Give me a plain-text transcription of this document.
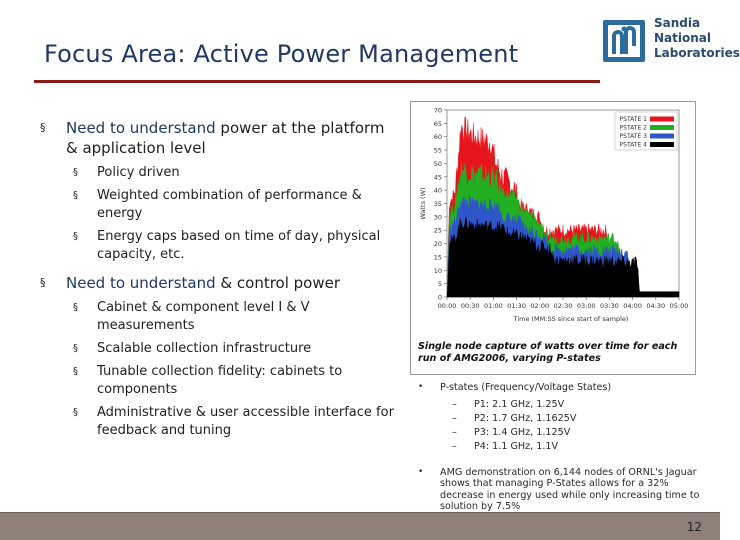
Focus Area: Active Power Management
Sandia
National
Laboratories
§ Need to understand power at the platform & application level
§ Policy driven
§ Weighted combination of performance & energy
§ Energy caps based on time of day, physical capacity, etc.
§ Need to understand & control power
§ Cabinet & component level I & V measurements
§ Scalable collection infrastructure
§ Tunable collection fidelity: cabinets to components
§ Administrative & user accessible interface for feedback and tuning
0
5
10
15
20
25
30
35
40
45
50
55
60
65
70
00:00 00:30 01:00 01:30 02:00 02:30 03:00 03:30 04:00 04:30 05:00
Time (MM:SS since start of sample)
Watts (W)
PSTATE 1
PSTATE 2
PSTATE 3
PSTATE 4
Single node capture of watts over time for each run of AMG2006, varying P-states
• P-states (Frequency/Voltage States)
– P1: 2.1 GHz, 1.25V
– P2: 1.7 GHz, 1.1625V
– P3: 1.4 GHz, 1.125V
– P4: 1.1 GHz, 1.1V
• AMG demonstration on 6,144 nodes of ORNL's Jaguar shows that managing P-States allows for a 32% decrease in energy used while only increasing time to solution by 7.5%
12
